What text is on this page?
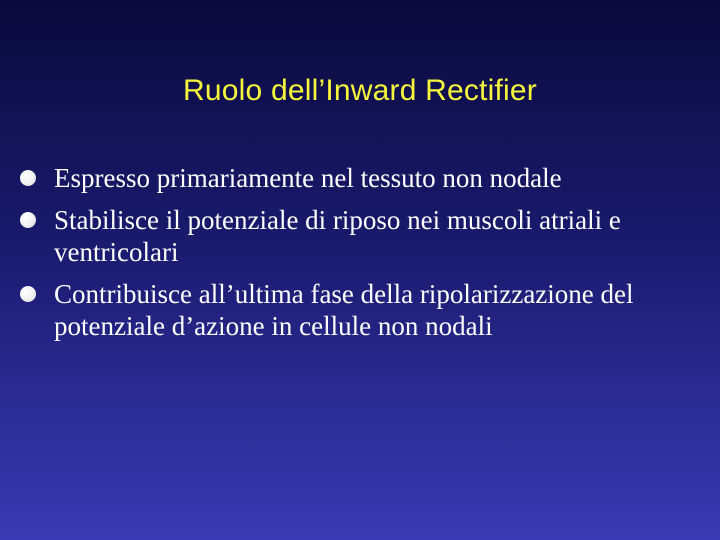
Ruolo dell’Inward Rectifier
Espresso primariamente nel tessuto non nodale
Stabilisce il potenziale di riposo nei muscoli atriali e ventricolari
Contribuisce all’ultima fase della ripolarizzazione del potenziale d’azione in cellule non nodali
